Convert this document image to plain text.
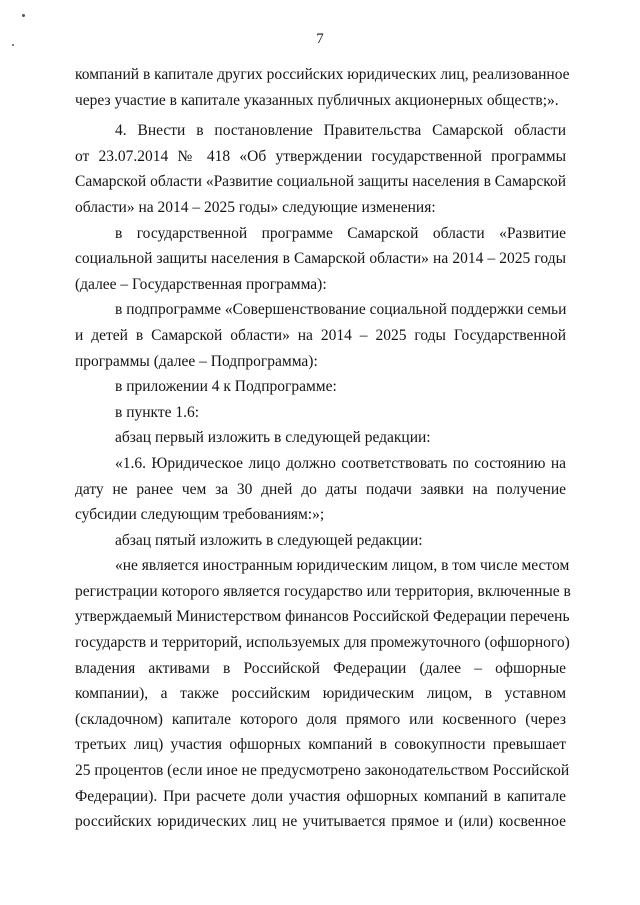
7
компаний в капитале других российских юридических лиц, реализованное
через участие в капитале указанных публичных акционерных обществ;».
4. Внести в постановление Правительства Самарской области
от 23.07.2014 № 418 «Об утверждении государственной программы
Самарской области «Развитие социальной защиты населения в Самарской
области» на 2014 – 2025 годы» следующие изменения:
в государственной программе Самарской области «Развитие
социальной защиты населения в Самарской области» на 2014 – 2025 годы
(далее – Государственная программа):
в подпрограмме «Совершенствование социальной поддержки семьи
и детей в Самарской области» на 2014 – 2025 годы Государственной
программы (далее – Подпрограмма):
в приложении 4 к Подпрограмме:
в пункте 1.6:
абзац первый изложить в следующей редакции:
«1.6. Юридическое лицо должно соответствовать по состоянию на
дату не ранее чем за 30 дней до даты подачи заявки на получение
субсидии следующим требованиям:»;
абзац пятый изложить в следующей редакции:
«не является иностранным юридическим лицом, в том числе местом
регистрации которого является государство или территория, включенные в
утверждаемый Министерством финансов Российской Федерации перечень
государств и территорий, используемых для промежуточного (офшорного)
владения активами в Российской Федерации (далее – офшорные
компании), а также российским юридическим лицом, в уставном
(складочном) капитале которого доля прямого или косвенного (через
третьих лиц) участия офшорных компаний в совокупности превышает
25 процентов (если иное не предусмотрено законодательством Российской
Федерации). При расчете доли участия офшорных компаний в капитале
российских юридических лиц не учитывается прямое и (или) косвенное
